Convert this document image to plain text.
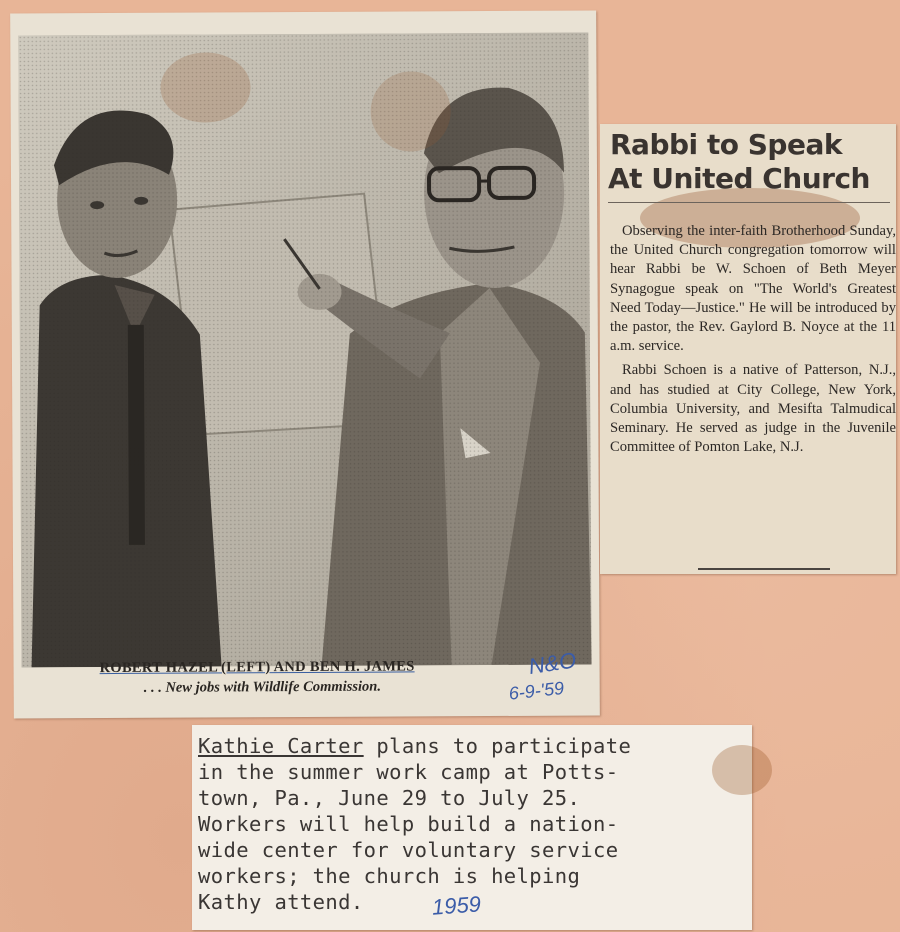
ROBERT HAZEL (LEFT) AND BEN H. JAMES
. . . New jobs with Wildlife Commission.
N&O
6-9-'59
Rabbi to Speak
At United Church

Observing the inter-faith Brotherhood Sunday, the United Church congregation tomorrow will hear Rabbi be W. Schoen of Beth Meyer Synagogue speak on "The World's Greatest Need Today—Justice." He will be introduced by the pastor, the Rev. Gaylord B. Noyce at the 11 a.m. service.

Rabbi Schoen is a native of Patterson, N.J., and has studied at City College, New York, Columbia University, and Mesifta Talmudical Seminary. He served as judge in the Juvenile Committee of Pomton Lake, N.J.

Kathie Carter plans to participate
in the summer work camp at Potts-
town, Pa., June 29 to July 25.
Workers will help build a nation-
wide center for voluntary service
workers; the church is helping
Kathy attend.	1959
